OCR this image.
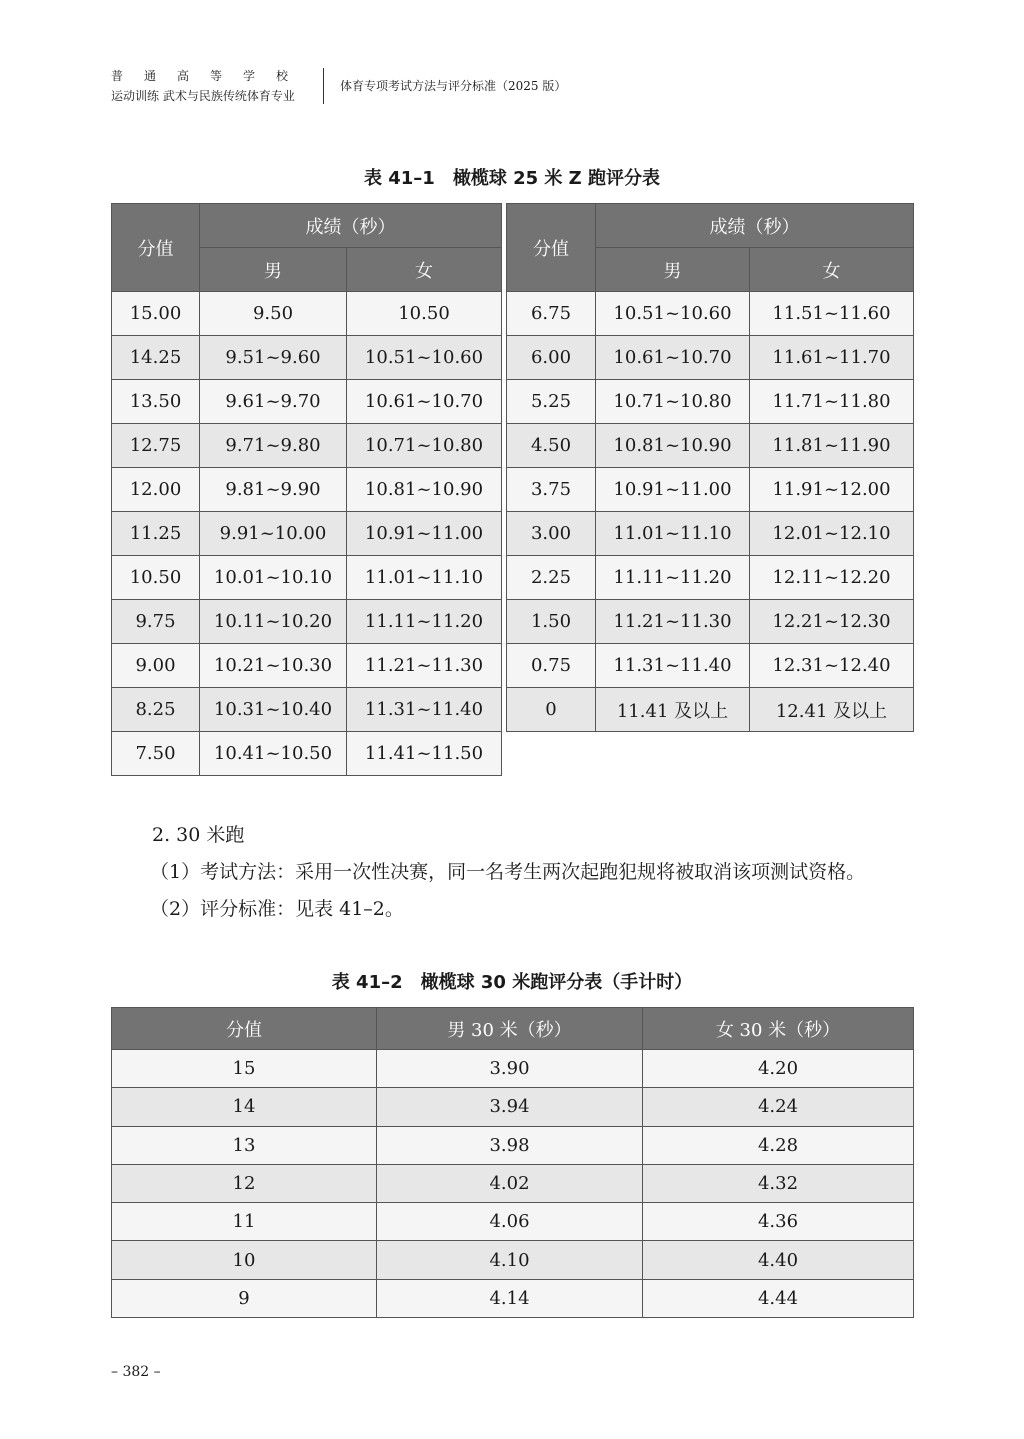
普通高等学校
运动训练 武术与民族传统体育专业
体育专项考试方法与评分标准（2025 版）
表 41–1　橄榄球 25 米 Z 跑评分表
分值	成绩（秒）	
	男	女
15.00	9.50	10.50
14.25	9.51~9.60	10.51~10.60
13.50	9.61~9.70	10.61~10.70
12.75	9.71~9.80	10.71~10.80
12.00	9.81~9.90	10.81~10.90
11.25	9.91~10.00	10.91~11.00
10.50	10.01~10.10	11.01~11.10
9.75	10.11~10.20	11.11~11.20
9.00	10.21~10.30	11.21~11.30
8.25	10.31~10.40	11.31~11.40
7.50	10.41~10.50	11.41~11.50
分值	成绩（秒）	
	男	女
6.75	10.51~10.60	11.51~11.60
6.00	10.61~10.70	11.61~11.70
5.25	10.71~10.80	11.71~11.80
4.50	10.81~10.90	11.81~11.90
3.75	10.91~11.00	11.91~12.00
3.00	11.01~11.10	12.01~12.10
2.25	11.11~11.20	12.11~12.20
1.50	11.21~11.30	12.21~12.30
0.75	11.31~11.40	12.31~12.40
0	11.41 及以上	12.41 及以上
2. 30 米跑
（1）考试方法：采用一次性决赛，同一名考生两次起跑犯规将被取消该项测试资格。
（2）评分标准：见表 41–2。
表 41–2　橄榄球 30 米跑评分表（手计时）
分值	男 30 米（秒）	女 30 米（秒）
15	3.90	4.20
14	3.94	4.24
13	3.98	4.28
12	4.02	4.32
11	4.06	4.36
10	4.10	4.40
9	4.14	4.44
– 382 –
